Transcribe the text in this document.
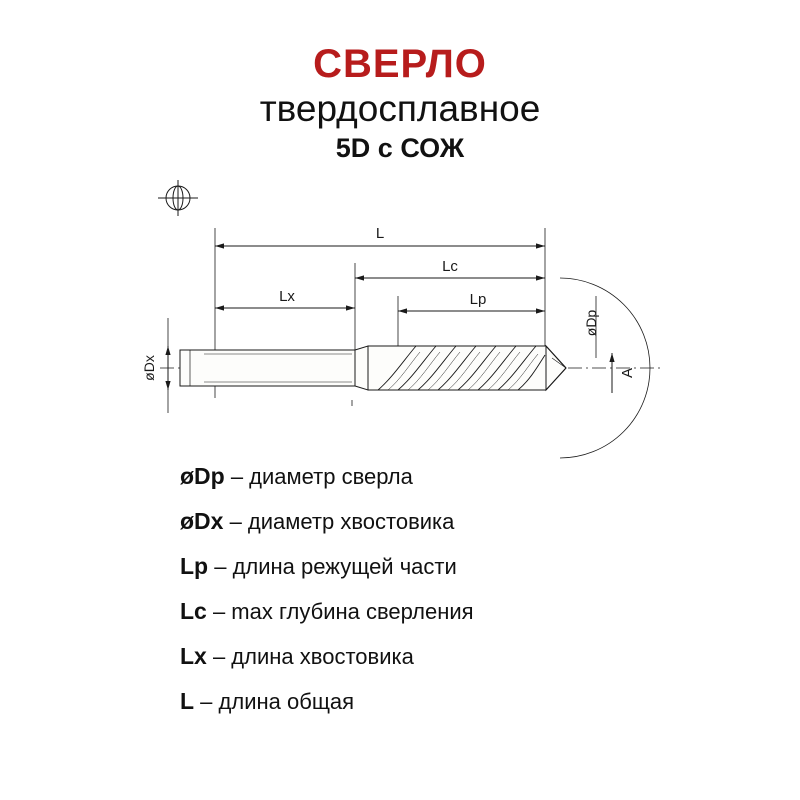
СВЕРЛО
твердосплавное
5D с СОЖ
L
Lc
Lx	Lp
øDx
øDp
A
øDp – диаметр сверла
øDx – диаметр хвостовика
Lp – длина режущей части
Lc – max глубина сверления
Lx – длина хвостовика
L – длина общая
